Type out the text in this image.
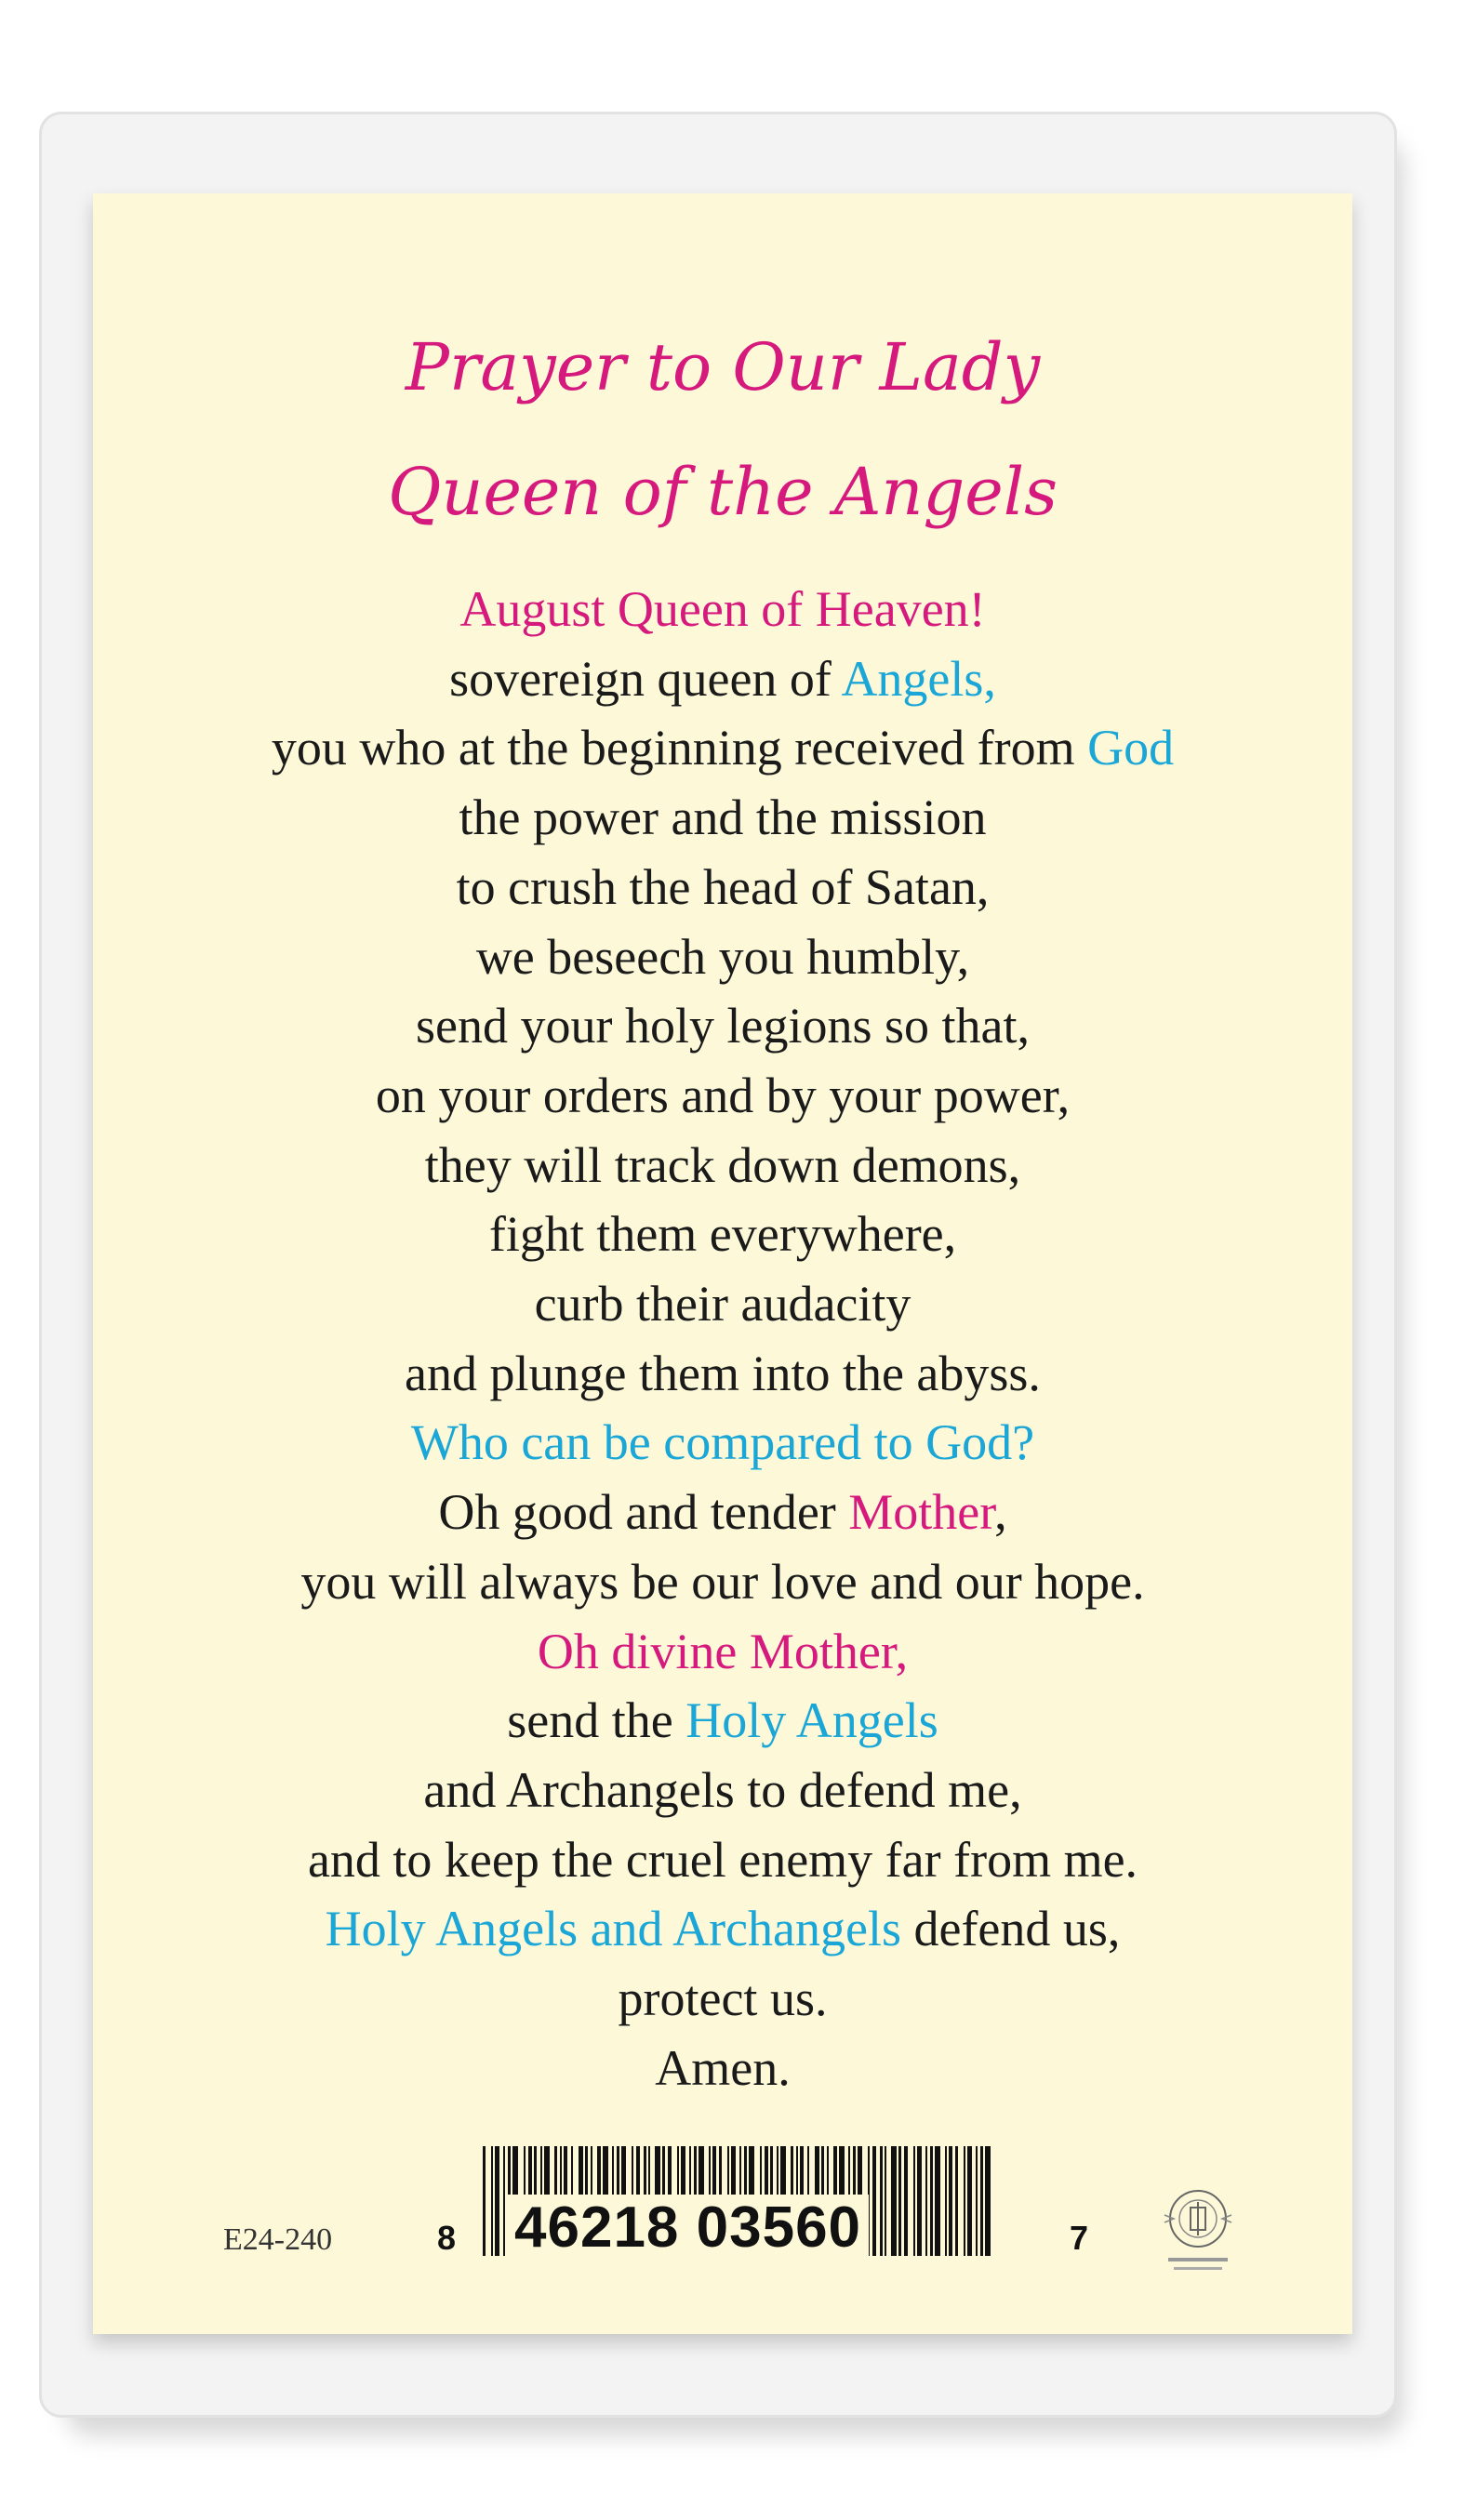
Prayer to Our Lady
Queen of the Angels
August Queen of Heaven!
sovereign queen of Angels,
you who at the beginning received from God
the power and the mission
to crush the head of Satan,
we beseech you humbly,
send your holy legions so that,
on your orders and by your power,
they will track down demons,
fight them everywhere,
curb their audacity
and plunge them into the abyss.
Who can be compared to God?
Oh good and tender Mother,
you will always be our love and our hope.
Oh divine Mother,
send the Holy Angels
and Archangels to defend me,
and to keep the cruel enemy far from me.
Holy Angels and Archangels defend us,
protect us.
Amen.
E24-240	8 46218 03560	7
